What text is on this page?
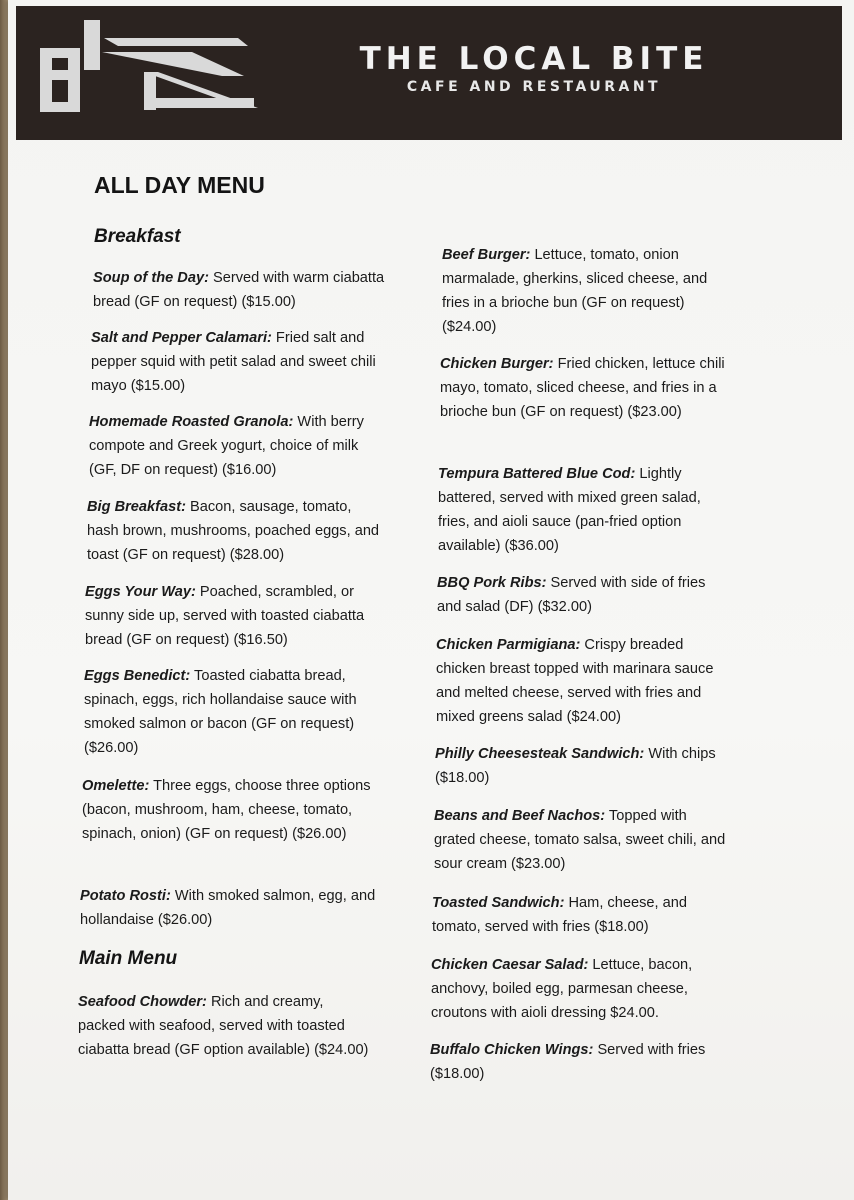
THE LOCAL BITE
CAFE AND RESTAURANT
ALL DAY MENU
Breakfast
Soup of the Day: Served with warm ciabatta bread (GF on request) ($15.00)
Salt and Pepper Calamari: Fried salt and pepper squid with petit salad and sweet chili mayo ($15.00)
Homemade Roasted Granola: With berry compote and Greek yogurt, choice of milk (GF, DF on request) ($16.00)
Big Breakfast: Bacon, sausage, tomato, hash brown, mushrooms, poached eggs, and toast (GF on request) ($28.00)
Eggs Your Way: Poached, scrambled, or sunny side up, served with toasted ciabatta bread (GF on request) ($16.50)
Eggs Benedict: Toasted ciabatta bread, spinach, eggs, rich hollandaise sauce with smoked salmon or bacon (GF on request) ($26.00)
Omelette: Three eggs, choose three options (bacon, mushroom, ham, cheese, tomato, spinach, onion) (GF on request) ($26.00)
Potato Rosti: With smoked salmon, egg, and hollandaise ($26.00)
Main Menu
Seafood Chowder: Rich and creamy, packed with seafood, served with toasted ciabatta bread (GF option available) ($24.00)
Beef Burger: Lettuce, tomato, onion marmalade, gherkins, sliced cheese, and fries in a brioche bun (GF on request) ($24.00)
Chicken Burger: Fried chicken, lettuce chili mayo, tomato, sliced cheese, and fries in a brioche bun (GF on request) ($23.00)
Tempura Battered Blue Cod: Lightly battered, served with mixed green salad, fries, and aioli sauce (pan-fried option available) ($36.00)
BBQ Pork Ribs: Served with side of fries and salad (DF) ($32.00)
Chicken Parmigiana: Crispy breaded chicken breast topped with marinara sauce and melted cheese, served with fries and mixed greens salad ($24.00)
Philly Cheesesteak Sandwich: With chips ($18.00)
Beans and Beef Nachos: Topped with grated cheese, tomato salsa, sweet chili, and sour cream ($23.00)
Toasted Sandwich: Ham, cheese, and tomato, served with fries ($18.00)
Chicken Caesar Salad: Lettuce, bacon, anchovy, boiled egg, parmesan cheese, croutons with aioli dressing $24.00.
Buffalo Chicken Wings: Served with fries ($18.00)
